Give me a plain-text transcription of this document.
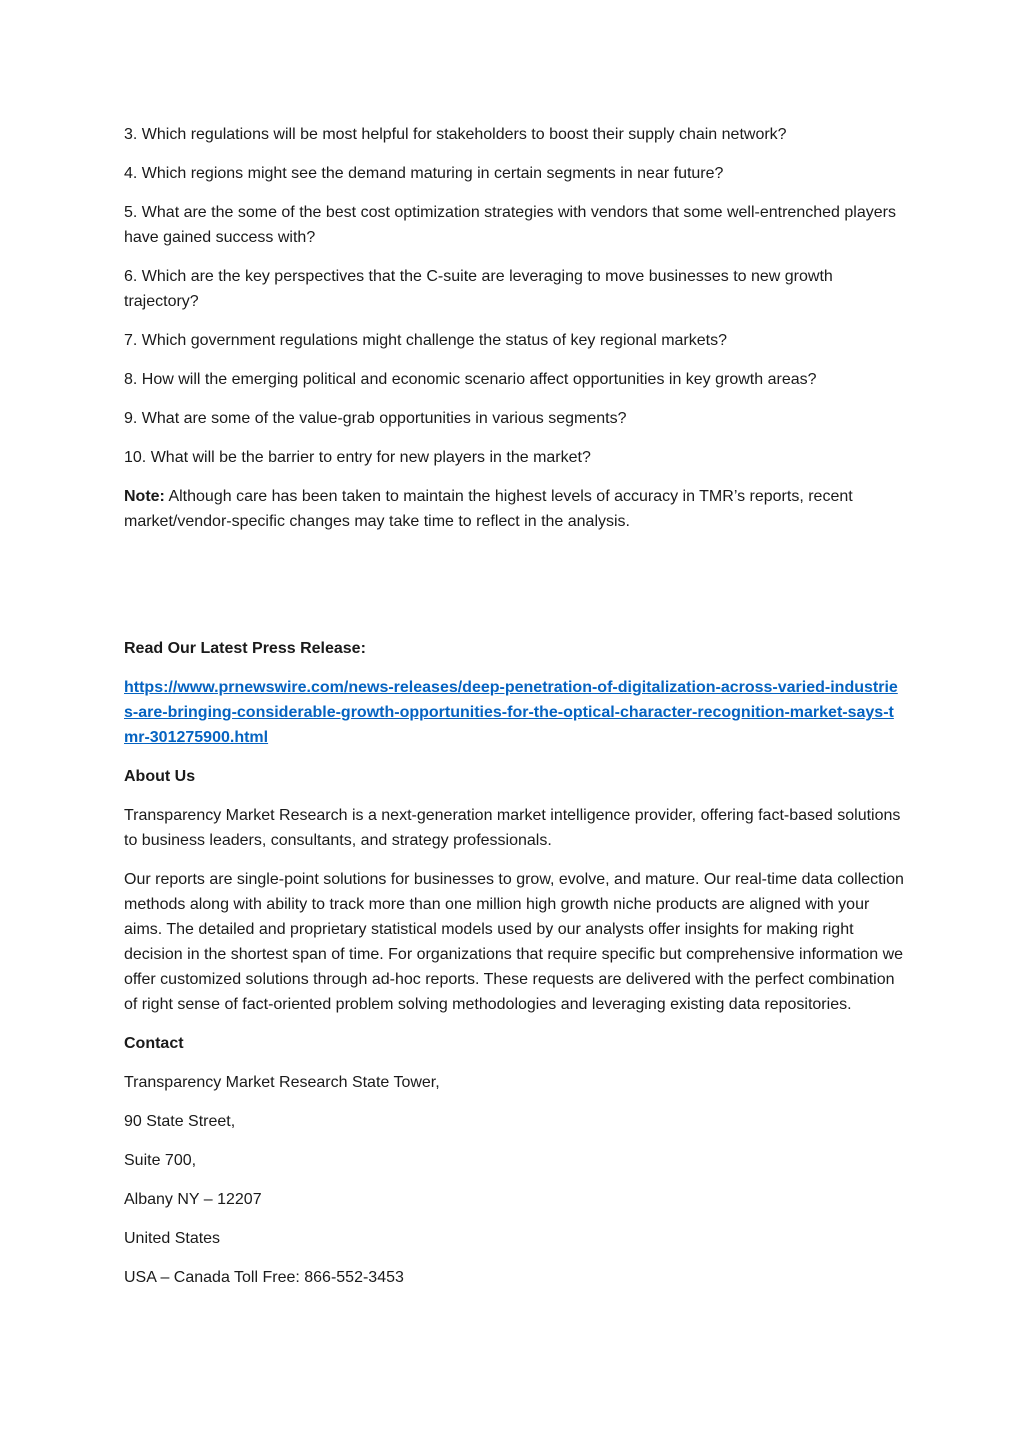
3. Which regulations will be most helpful for stakeholders to boost their supply chain network?

4. Which regions might see the demand maturing in certain segments in near future?

5. What are the some of the best cost optimization strategies with vendors that some well-entrenched players have gained success with?

6. Which are the key perspectives that the C-suite are leveraging to move businesses to new growth trajectory?

7. Which government regulations might challenge the status of key regional markets?

8. How will the emerging political and economic scenario affect opportunities in key growth areas?

9. What are some of the value-grab opportunities in various segments?

10. What will be the barrier to entry for new players in the market?

Note: Although care has been taken to maintain the highest levels of accuracy in TMR’s reports, recent market/vendor-specific changes may take time to reflect in the analysis.

Read Our Latest Press Release:

https://www.prnewswire.com/news-releases/deep-penetration-of-digitalization-across-varied-industries-are-bringing-considerable-growth-opportunities-for-the-optical-character-recognition-market-says-tmr-301275900.html

About Us

Transparency Market Research is a next-generation market intelligence provider, offering fact-based solutions to business leaders, consultants, and strategy professionals.

Our reports are single-point solutions for businesses to grow, evolve, and mature. Our real-time data collection methods along with ability to track more than one million high growth niche products are aligned with your aims. The detailed and proprietary statistical models used by our analysts offer insights for making right decision in the shortest span of time. For organizations that require specific but comprehensive information we offer customized solutions through ad-hoc reports. These requests are delivered with the perfect combination of right sense of fact-oriented problem solving methodologies and leveraging existing data repositories.

Contact

Transparency Market Research State Tower,

90 State Street,

Suite 700,

Albany NY – 12207

United States

USA – Canada Toll Free: 866-552-3453
